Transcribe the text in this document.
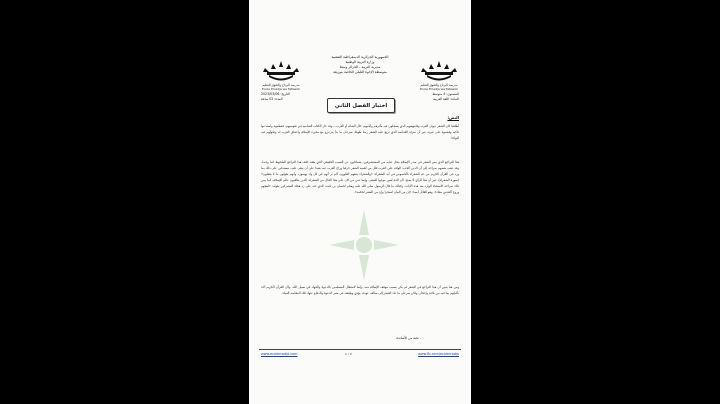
مدرسة البرتاج والتفوق للتعليم
Ecole Erradja wa Tafawok
مدرسة البرتاج والتفوق للتعليم
Ecole Erradja wa Tafawok
الجمهورية الجزائرية الديمقراطية الشعبية
وزارة التربية الوطنية
مديرية التربية - الجزائر وسط
متوسطة الإخوة التليلي الخاصة بنوزيعة
المستوى: 4 متوسط
المادة: اللغة العربية
التاريخ: 2023/03/06
المدة: 02 ساعة
اختبار الفصل الثاني
النص:
أطلقنا كان الشعر ديوان العرب وقاموسهم الذي يسجلون فيه مآثرهم وأيامهم، حال الشام أو العرب... وقد حار الكتاب الشامية في تقوسيهم، فعظموه واستدعوا ذاكيه وقيثموه على غيره، غير أن منزلة القداسة الذي تربع عليه الشعر زمنا طويلا، سرعان ما بدأ يتزعزع مع مجيء الإسلام واعتناق العرب له وتحولهم فيه أفواجا.
هذا التراجع الذي مني الشعر في صدر الإسلام محل عناية من المستشرقين، يتساءلون عن السبب الحقيقي الذي يقف خلف هذا التراجع الملحوظ كما وجدنا، وقد ذهب بعضهم صراحة إلى أن الدين الجديد الوافد على العرب قلل من أهمية الشعر حرفيا وراح العرب عنه بعيدا على أن يبقى عليه، مستدلين على ذلك بما ورد في القرآن الكريم من ذم الشعراء بالخصوص في آية الشعراء: «والشعراء يتبعهم الغاوون، ألم تر أنهم في كل واد يهيمون، وأنهم يقولون ما لا يفعلون» (سورة الشعراء)، غير أن هذا الرأي لا يصح، لأن الذم ليس موجها للشعر، وإنما عني من كان على هذا الحال من الشعراء، الذين يعاقبون عالم الإسلام، كما يبين ذلك صراحة الاستثناء الوارد بعد هذه الآيات، وكذلك ما قال الرسول صلى الله عليه وسلم لحسان بن ثابت، الذي حثه على رد هجاء المشركين بقوله: «اهجهم وروح القدس معك»، وهو القائل أيضا: «إن من البيان لسحرا وإن من الشعر لحكمة».
ومن هنا يتبين أن هذا التراجع في الشعر لم يكن بسبب موقف الإسلام منه، وإنما لانشغال المسلمين بالدعوة والجهاد في سبيل الله، ولأن القرآن الكريم أخذ بألبابهم بما فيه من بلاغة وإعجاز، ولكن سرعان ما عاد الشعر إلى سالف عهده، يؤدي وظيفته في نشر الدعوة والدفاع عنها، تلك المقاصد النبيلة.
- نخبة من الأساتذة.
www.ecolerradja.com	1 / 2	www.fb.com/ecolerradja
